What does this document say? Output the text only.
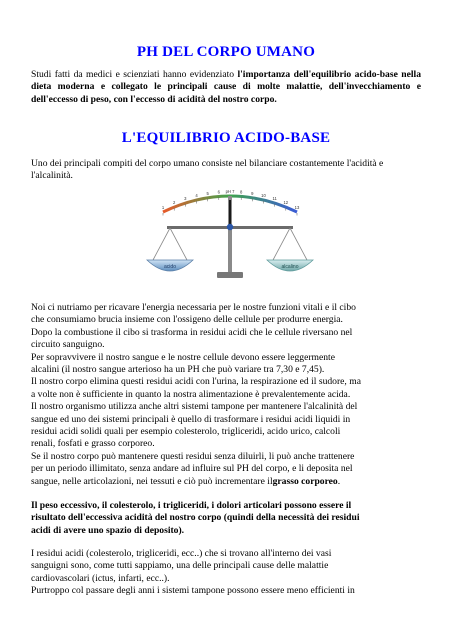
PH DEL CORPO UMANO
Studi fatti da medici e scienziati hanno evidenziato l'importanza dell'equilibrio acido-base nella dieta moderna e collegato le principali cause di molte malattie, dell'invecchiamento e dell'eccesso di peso, con l'eccesso di acidità del nostro corpo.
L'EQUILIBRIO ACIDO-BASE
Uno dei principali compiti del corpo umano consiste nel bilanciare costantemente l'acidità e l'alcalinità.
1
2
3
4 5 6 pH 7 8 9 10
11
12
13
acido	alcalino
Noi ci nutriamo per ricavare l'energia necessaria per le nostre funzioni vitali e il cibo
che consumiamo brucia insieme con l'ossigeno delle cellule per produrre energia.
Dopo la combustione il cibo si trasforma in residui acidi che le cellule riversano nel
circuito sanguigno.
Per sopravvivere il nostro sangue e le nostre cellule devono essere leggermente
alcalini (il nostro sangue arterioso ha un PH che può variare tra 7,30 e 7,45).
Il nostro corpo elimina questi residui acidi con l'urina, la respirazione ed il sudore, ma
a volte non è sufficiente in quanto la nostra alimentazione è prevalentemente acida.
Il nostro organismo utilizza anche altri sistemi tampone per mantenere l'alcalinità del
sangue ed uno dei sistemi principali è quello di trasformare i residui acidi liquidi in
residui acidi solidi quali per esempio colesterolo, trigliceridi, acido urico, calcoli
renali, fosfati e grasso corporeo.
Se il nostro corpo può mantenere questi residui senza diluirli, li può anche trattenere
per un periodo illimitato, senza andare ad influire sul PH del corpo, e li deposita nel
sangue, nelle articolazioni, nei tessuti e ciò può incrementare ilgrasso corporeo.
Il peso eccessivo, il colesterolo, i trigliceridi, i dolori articolari possono essere il
risultato dell'eccessiva acidità del nostro corpo (quindi della necessità dei residui
acidi di avere uno spazio di deposito).
I residui acidi (colesterolo, trigliceridi, ecc..) che si trovano all'interno dei vasi
sanguigni sono, come tutti sappiamo, una delle principali cause delle malattie
cardiovascolari (ictus, infarti, ecc..).
Purtroppo col passare degli anni i sistemi tampone possono essere meno efficienti in
